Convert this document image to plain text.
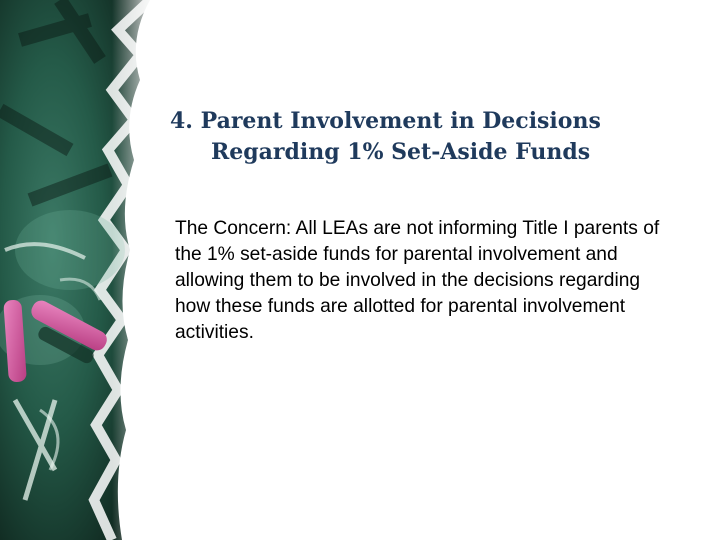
4. Parent Involvement in Decisions
Regarding 1% Set-Aside Funds

The Concern: All LEAs are not informing Title I parents of the 1% set-aside funds for parental involvement and allowing them to be involved in the decisions regarding how these funds are allotted for parental involvement activities.
